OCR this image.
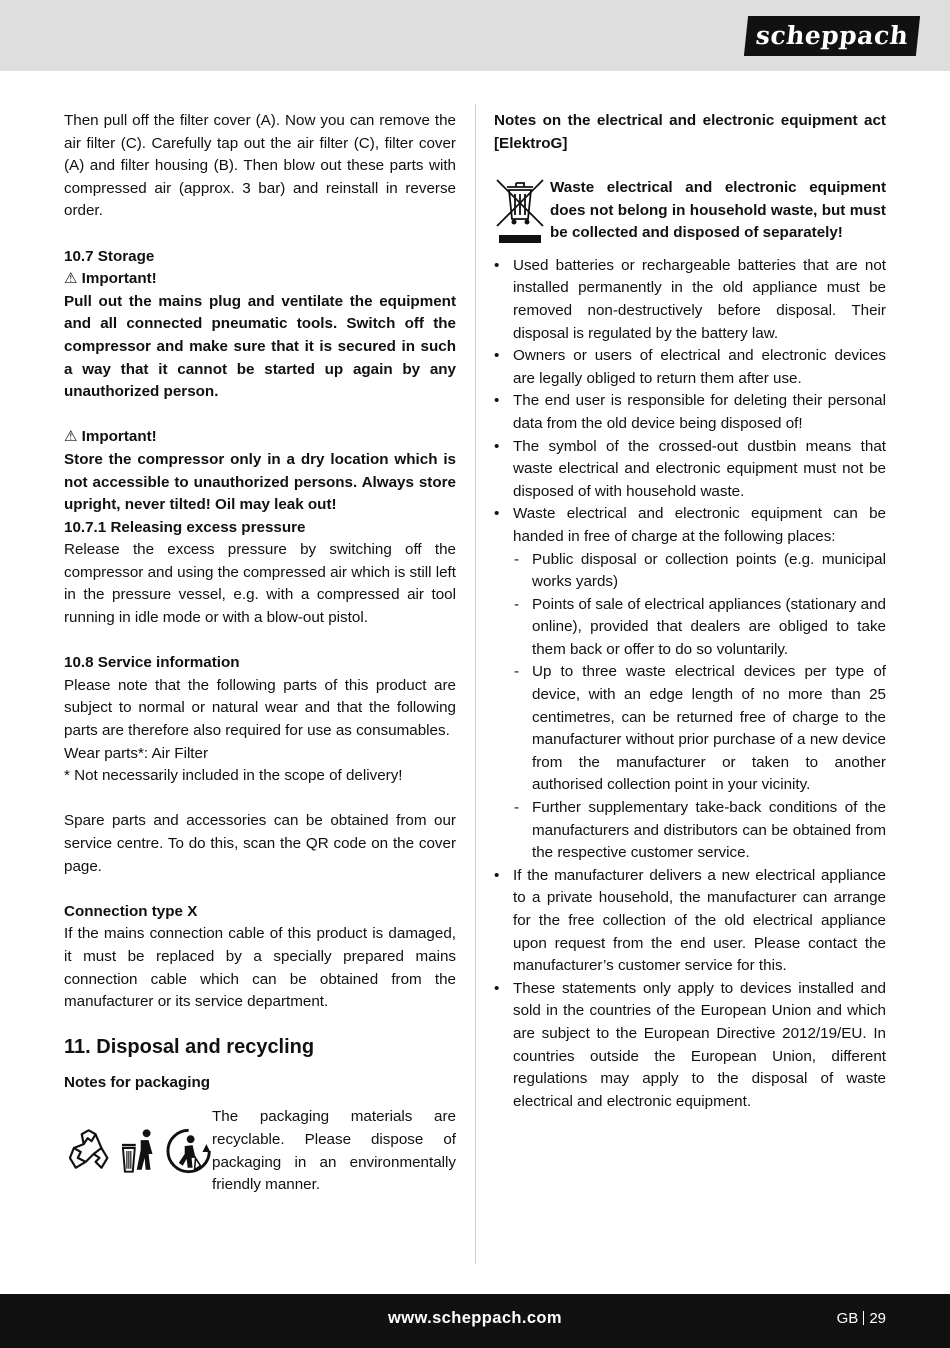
scheppach

Then pull off the filter cover (A). Now you can remove the air filter (C). Carefully tap out the air filter (C), filter cover (A) and filter housing (B). Then blow out these parts with compressed air (approx. 3 bar) and reinstall in reverse order.

10.7 Storage

⚠ Important!

Pull out the mains plug and ventilate the equipment and all connected pneumatic tools. Switch off the compressor and make sure that it is secured in such a way that it cannot be started up again by any unauthorized person.

⚠ Important!

Store the compressor only in a dry location which is not accessible to unauthorized persons. Always store upright, never tilted! Oil may leak out!

10.7.1 Releasing excess pressure

Release the excess pressure by switching off the compressor and using the compressed air which is still left in the pressure vessel, e.g. with a compressed air tool running in idle mode or with a blow-out pistol.

10.8 Service information

Please note that the following parts of this product are subject to normal or natural wear and that the following parts are therefore also required for use as consumables.

Wear parts*: Air Filter

* Not necessarily included in the scope of delivery!

Spare parts and accessories can be obtained from our service centre. To do this, scan the QR code on the cover page.

Connection type X

If the mains connection cable of this product is damaged, it must be replaced by a specially prepared mains connection cable which can be obtained from the manufacturer or its service department.

11. Disposal and recycling
Notes for packaging

The packaging materials are recyclable. Please dispose of packaging in an environmentally friendly manner.

Notes on the electrical and electronic equipment act [ElektroG]

Waste electrical and electronic equipment does not belong in household waste, but must be collected and disposed of separately!

• Used batteries or rechargeable batteries that are not installed permanently in the old appliance must be removed non-destructively before disposal. Their disposal is regulated by the battery law.
• Owners or users of electrical and electronic devices are legally obliged to return them after use.
• The end user is responsible for deleting their personal data from the old device being disposed of!
• The symbol of the crossed-out dustbin means that waste electrical and electronic equipment must not be disposed of with household waste.
• Waste electrical and electronic equipment can be handed in free of charge at the following places:
- Public disposal or collection points (e.g. municipal works yards)
- Points of sale of electrical appliances (stationary and online), provided that dealers are obliged to take them back or offer to do so voluntarily.
- Up to three waste electrical devices per type of device, with an edge length of no more than 25 centimetres, can be returned free of charge to the manufacturer without prior purchase of a new device from the manufacturer or taken to another authorised collection point in your vicinity.
- Further supplementary take-back conditions of the manufacturers and distributors can be obtained from the respective customer service.
• If the manufacturer delivers a new electrical appliance to a private household, the manufacturer can arrange for the free collection of the old electrical appliance upon request from the end user. Please contact the manufacturer’s customer service for this.
• These statements only apply to devices installed and sold in the countries of the European Union and which are subject to the European Directive 2012/19/EU. In countries outside the European Union, different regulations may apply to the disposal of waste electrical and electronic equipment.
www.scheppach.com	GB 29
